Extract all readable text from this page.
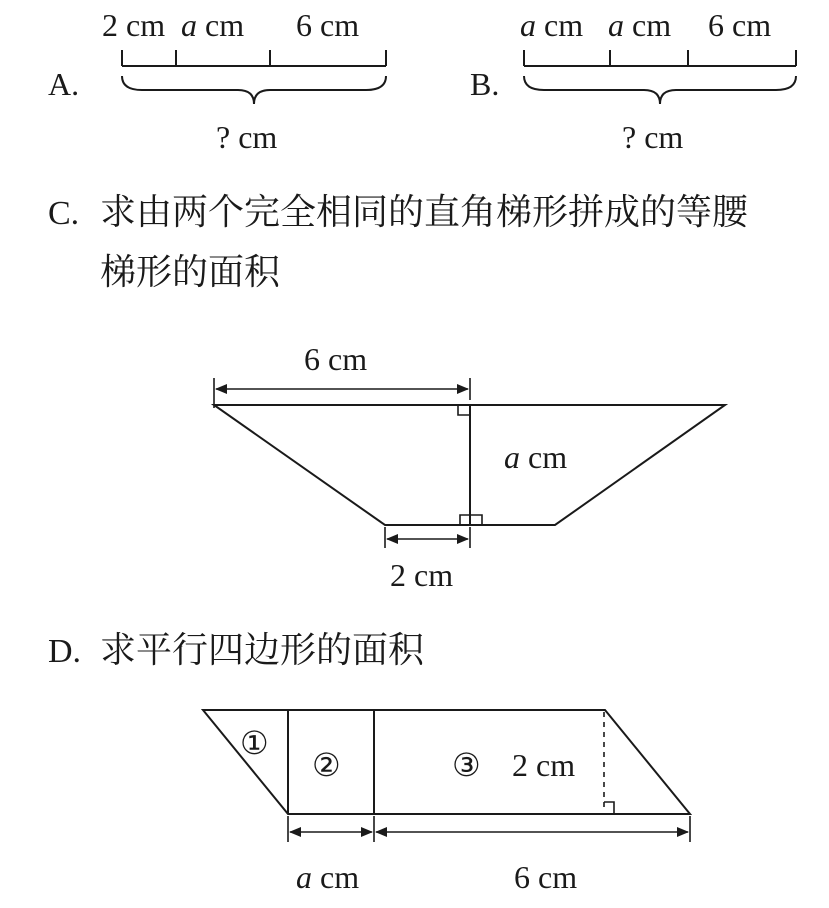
A.
2 cm a cm 6 cm
? cm
B.
a cm a cm 6 cm
? cm
C. 求由两个完全相同的直角梯形拼成的等腰
梯形的面积
6 cm
a cm
2 cm
D. 求平行四边形的面积
①
②	③ 2 cm
a cm	6 cm
